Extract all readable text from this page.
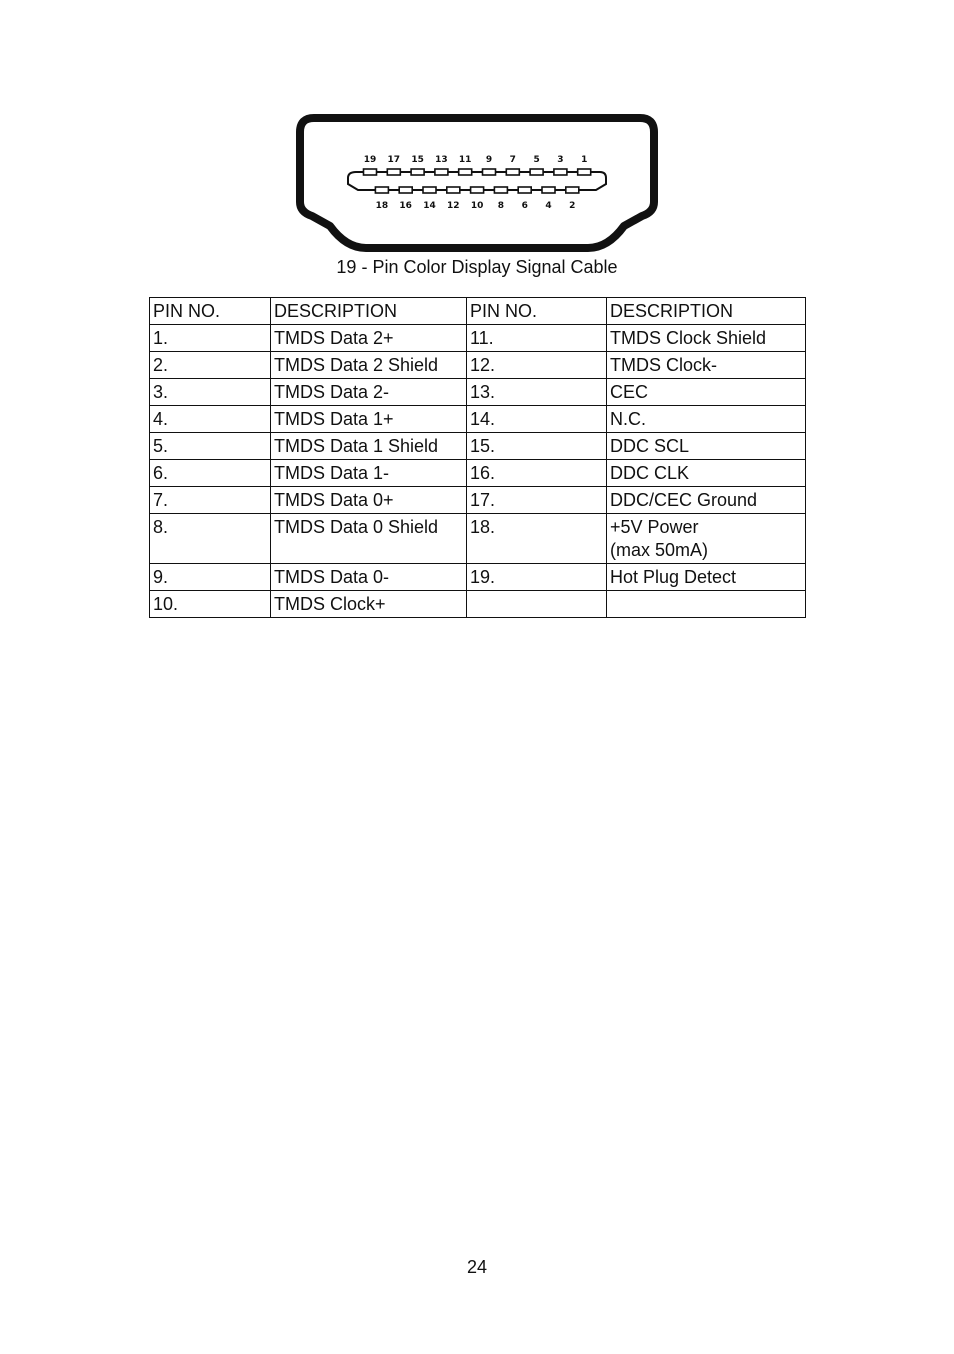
19 17 15 13 11 9 7 5 3 1
18 16 14 12 10 8 6 4 2
19 - Pin Color Display Signal Cable
PIN NO.	DESCRIPTION	PIN NO.	DESCRIPTION
1.	TMDS Data 2+	11.	TMDS Clock Shield
2.	TMDS Data 2 Shield	12.	TMDS Clock-
3.	TMDS Data 2-	13.	CEC
4.	TMDS Data 1+	14.	N.C.
5.	TMDS Data 1 Shield	15.	DDC SCL
6.	TMDS Data 1-	16.	DDC CLK
7.	TMDS Data 0+	17.	DDC/CEC Ground
8.	TMDS Data 0 Shield	18.	+5V Power
(max 50mA)

9.	TMDS Data 0-	19.	Hot Plug Detect
10.	TMDS Clock+		
24
